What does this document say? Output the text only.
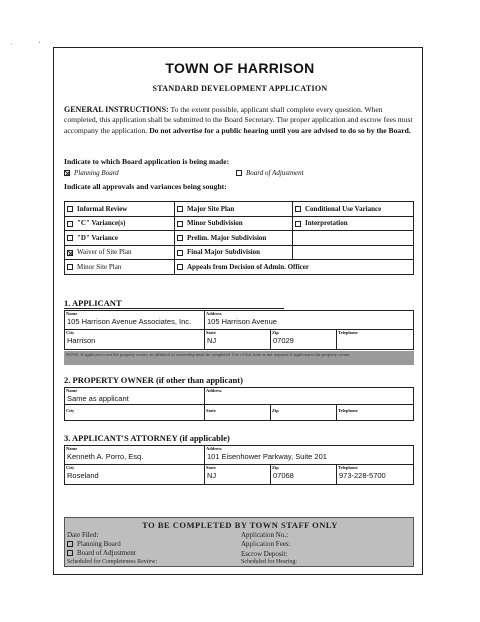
·             '
TOWN OF HARRISON
STANDARD DEVELOPMENT APPLICATION
GENERAL INSTRUCTIONS: To the extent possible, applicant shall complete every question. When completed, this application shall be submitted to the Board Secretary. The proper application and escrow fees must accompany the application. Do not advertise for a public hearing until you are advised to do so by the Board.
Indicate to which Board application is being made:
Planning Board	Board of Adjustment
Indicate all approvals and variances being sought:
Informal Review	Major Site Plan	Conditional Use Variance
"C" Variance(s)	Minor Subdivision	Interpretation
"D" Variance	Prelim. Major Subdivision	
Waiver of Site Plan	Final Major Subdivision	
Minor Site Plan	Appeals from Decision of Admin. Officer	
1. APPLICANT
Name
105 Harrison Avenue Associates, Inc.
Address
105 Harrison Avenue
City
Harrison
State
NJ
Zip
07029
Telephone
NOTE: If applicant is not the property owner, an affidavit of ownership must be completed. Use of this form is not required if applicant is the property owner.
2. PROPERTY OWNER (if other than applicant)
Name
Same as applicant
Address
City	State	Zip	Telephone
3. APPLICANT'S ATTORNEY (if applicable)
Name
Kenneth A. Porro, Esq.
Address
101 Eisenhower Parkway, Suite 201
City
Roseland
State
NJ
Zip
07068
Telephone
973-228-5700
TO BE COMPLETED BY TOWN STAFF ONLY
Date Filed:
Planning Board
Board of Adjustment
Scheduled for Completeness Review:
Application No.:
Application Fees:
Escrow Deposit:
Scheduled for Hearing:
